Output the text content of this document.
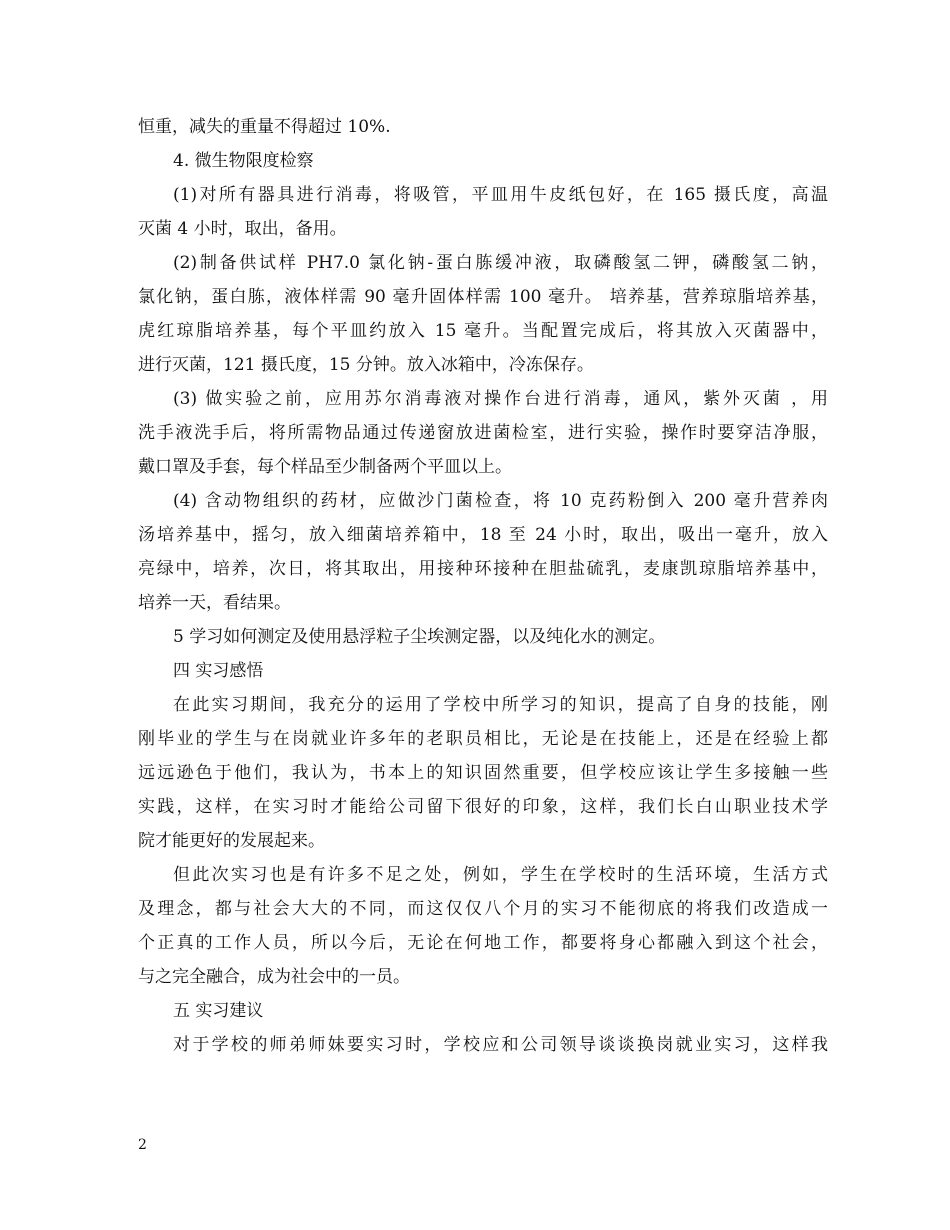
恒重，减失的重量不得超过 10%.
4. 微生物限度检察
(1)对所有器具进行消毒，将吸管，平皿用牛皮纸包好，在 165 摄氏度，高温
灭菌 4 小时，取出，备用。
(2)制备供试样 PH7.0 氯化钠-蛋白胨缓冲液，取磷酸氢二钾，磷酸氢二钠，
氯化钠，蛋白胨，液体样需 90 毫升固体样需 100 毫升。 培养基，营养琼脂培养基，
虎红琼脂培养基，每个平皿约放入 15 毫升。当配置完成后，将其放入灭菌器中，
进行灭菌，121 摄氏度，15 分钟。放入冰箱中，冷冻保存。
(3) 做实验之前，应用苏尔消毒液对操作台进行消毒，通风，紫外灭菌 ，用
洗手液洗手后，将所需物品通过传递窗放进菌检室，进行实验，操作时要穿洁净服，
戴口罩及手套，每个样品至少制备两个平皿以上。
(4) 含动物组织的药材，应做沙门菌检查，将 10 克药粉倒入 200 毫升营养肉
汤培养基中，摇匀，放入细菌培养箱中，18 至 24 小时，取出，吸出一毫升，放入
亮绿中，培养，次日，将其取出，用接种环接种在胆盐硫乳，麦康凯琼脂培养基中，
培养一天，看结果。
5 学习如何测定及使用悬浮粒子尘埃测定器，以及纯化水的测定。
四 实习感悟
在此实习期间，我充分的运用了学校中所学习的知识，提高了自身的技能，刚
刚毕业的学生与在岗就业许多年的老职员相比，无论是在技能上，还是在经验上都
远远逊色于他们，我认为，书本上的知识固然重要，但学校应该让学生多接触一些
实践，这样，在实习时才能给公司留下很好的印象，这样，我们长白山职业技术学
院才能更好的发展起来。
但此次实习也是有许多不足之处，例如，学生在学校时的生活环境，生活方式
及理念，都与社会大大的不同，而这仅仅八个月的实习不能彻底的将我们改造成一
个正真的工作人员，所以今后，无论在何地工作，都要将身心都融入到这个社会，
与之完全融合，成为社会中的一员。
五 实习建议
对于学校的师弟师妹要实习时，学校应和公司领导谈谈换岗就业实习，这样我
2
